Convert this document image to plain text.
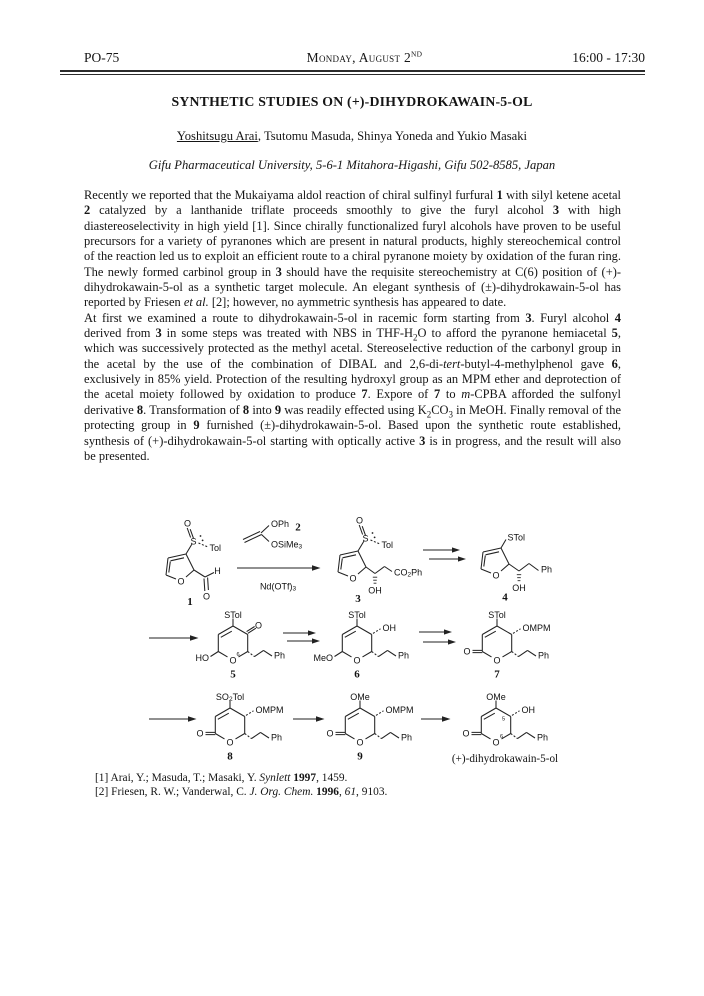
PO-75	Monday, August 2ND	16:00 - 17:30
SYNTHETIC STUDIES ON (+)-DIHYDROKAWAIN-5-OL
Yoshitsugu Arai, Tsutomu Masuda, Shinya Yoneda and Yukio Masaki
Gifu Pharmaceutical University, 5-6-1 Mitahora-Higashi, Gifu 502-8585, Japan

Recently we reported that the Mukaiyama aldol reaction of chiral sulfinyl furfural 1 with silyl ketene acetal 2 catalyzed by a lanthanide triflate proceeds smoothly to give the furyl alcohol 3 with high diastereoselectivity in high yield [1]. Since chirally functionalized furyl alcohols have proven to be useful precursors for a variety of pyranones which are present in natural products, highly stereochemical control of the reaction led us to exploit an efficient route to a chiral pyranone moiety by oxidation of the furan ring. The newly formed carbinol group in 3 should have the requisite stereochemistry at C(6) position of (+)-dihydrokawain-5-ol as a synthetic target molecule. An elegant synthesis of (±)-dihydrokawain-5-ol has reported by Friesen et al. [2]; however, no aymmetric synthesis has appeared to date.

At first we examined a route to dihydrokawain-5-ol in racemic form starting from 3. Furyl alcohol 4 derived from 3 in some steps was treated with NBS in THF-$H_2O$ to afford the pyranone hemiacetal 5, which was successively protected as the methyl acetal. Stereoselective reduction of the carbonyl group in the acetal by the use of the combination of DIBAL and 2,6-di-tert-butyl-4-methylphenol gave 6, exclusively in 85% yield. Protection of the resulting hydroxyl group as an MPM ether and deprotection of the acetal moiety followed by oxidation to produce 7. Expore of 7 to m-CPBA afforded the sulfonyl derivative 8. Transformation of 8 into 9 was readily effected using $K_2CO_3$ in MeOH. Finally removal of the protecting group in 9 furnished (±)-dihydrokawain-5-ol. Based upon the synthetic route established, synthesis of (+)-dihydrokawain-5-ol starting with optically active 3 is in progress, and the result will also be presented.

S
O
Tol
O
H
O
1
OPh
OSiMe$_3$
2
$Nd(OTf)_3$
S
O
Tol
O
OH
$CO_2Ph$
3
STol
O
OH
Ph
4
STol
O
HO O
6	Ph
5
STol
OH
MeO O	Ph
6
STol
OMPM
O
O	Ph
7
$SO_2Tol$
OMPM
O
O	Ph
8
OMe
OMPM
O
O	Ph
9
OMe
OH
5
O
O
6	Ph
(+)-dihydrokawain-5-ol
[1] Arai, Y.; Masuda, T.; Masaki, Y. Synlett 1997, 1459.
[2] Friesen, R. W.; Vanderwal, C. J. Org. Chem. 1996, 61, 9103.
